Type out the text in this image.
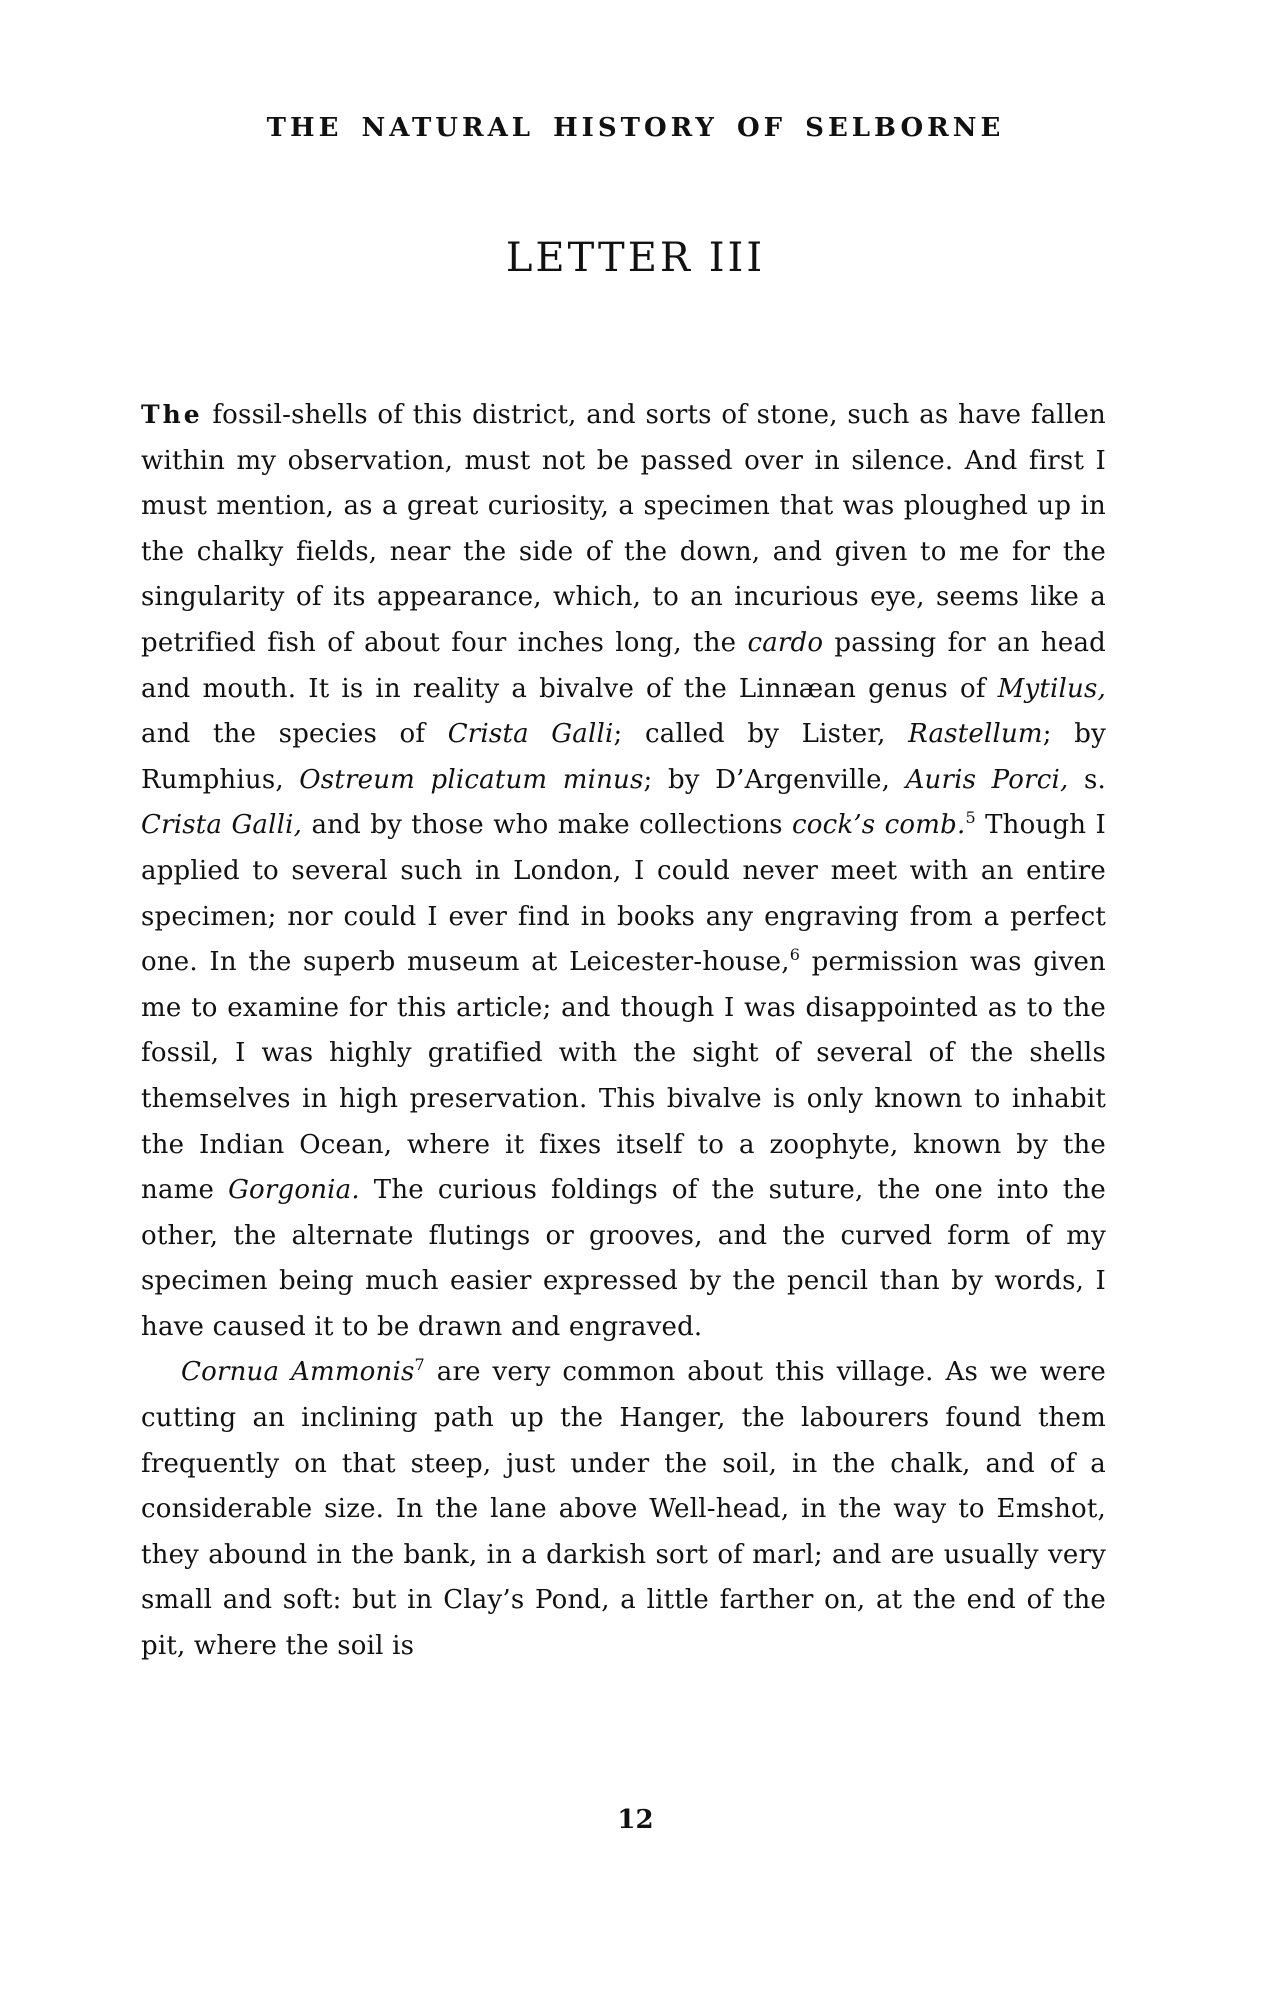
THE NATURAL HISTORY OF SELBORNE
LETTER III

The fossil-shells of this district, and sorts of stone, such as have fallen within my observation, must not be passed over in silence. And first I must mention, as a great curiosity, a specimen that was ploughed up in the chalky fields, near the side of the down, and given to me for the singularity of its appearance, which, to an incurious eye, seems like a petrified fish of about four inches long, the cardo passing for an head and mouth. It is in reality a bivalve of the Linnæan genus of Mytilus, and the species of Crista Galli; called by Lister, Rastellum; by Rumphius, Ostreum plicatum minus; by D’Argenville, Auris Porci, s. Crista Galli, and by those who make collections cock’s comb.$^5$ Though I applied to several such in London, I could never meet with an entire specimen; nor could I ever find in books any engraving from a perfect one. In the superb museum at Leicester-house,$^6$ permission was given me to examine for this article; and though I was disappointed as to the fossil, I was highly gratified with the sight of several of the shells themselves in high preservation. This bivalve is only known to inhabit the Indian Ocean, where it fixes itself to a zoophyte, known by the name Gorgonia. The curious foldings of the suture, the one into the other, the alternate flutings or grooves, and the curved form of my specimen being much easier expressed by the pencil than by words, I have caused it to be drawn and engraved.

Cornua Ammonis$^7$ are very common about this village. As we were cutting an inclining path up the Hanger, the labourers found them frequently on that steep, just under the soil, in the chalk, and of a considerable size. In the lane above Well-head, in the way to Emshot, they abound in the bank, in a darkish sort of marl; and are usually very small and soft: but in Clay’s Pond, a little farther on, at the end of the pit, where the soil is

12
